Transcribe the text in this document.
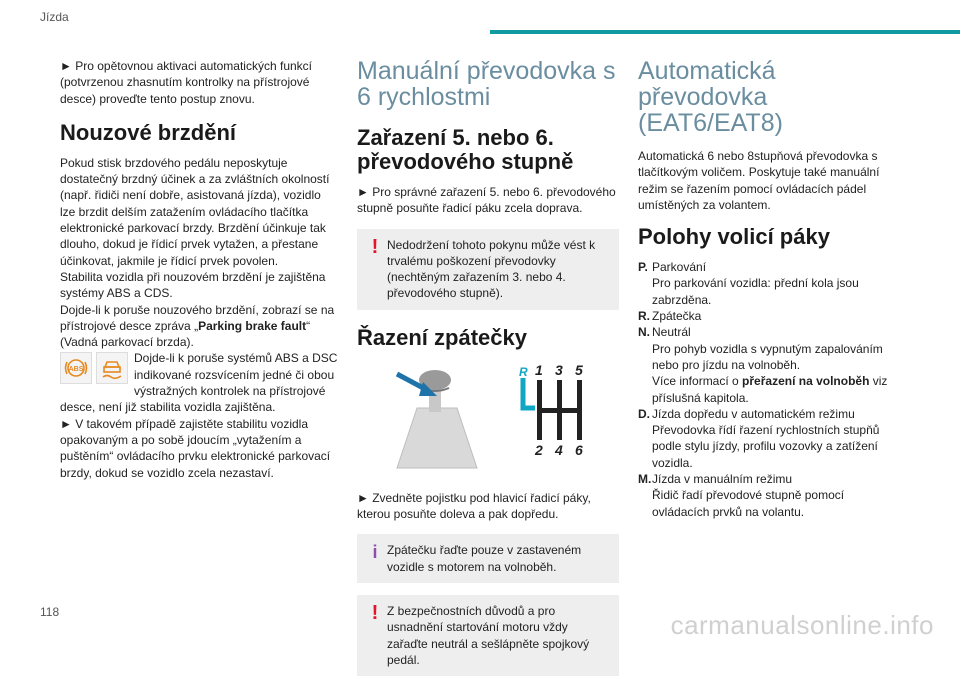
Jízda

► Pro opětovnou aktivaci automatických funkcí (potvrzenou zhasnutím kontrolky na přístrojové desce) proveďte tento postup znovu.

Nouzové brzdění

Pokud stisk brzdového pedálu neposkytuje dostatečný brzdný účinek a za zvláštních okolností (např. řidiči není dobře, asistovaná jízda), vozidlo lze brzdit delším zatažením ovládacího tlačítka elektronické parkovací brzdy. Brzdění účinkuje tak dlouho, dokud je řídicí prvek vytažen, a přestane účinkovat, jakmile je řídicí prvek povolen.

Stabilita vozidla při nouzovém brzdění je zajištěna systémy ABS a CDS.

Dojde-li k poruše nouzového brzdění, zobrazí se na přístrojové desce zpráva „Parking brake fault“ (Vadná parkovací brzda).

ABS

Dojde-li k poruše systémů ABS a DSC indikované rozsvícením jedné či obou výstražných kontrolek na přístrojové desce, není již stabilita vozidla zajištěna.

► V takovém případě zajistěte stabilitu vozidla opakovaným a po sobě jdoucím „vytažením a puštěním“ ovládacího prvku elektronické parkovací brzdy, dokud se vozidlo zcela nezastaví.

Manuální převodovka s 6 rychlostmi
Zařazení 5. nebo 6. převodového stupně

► Pro správné zařazení 5. nebo 6. převodového stupně posuňte řadicí páku zcela doprava.

! Nedodržení tohoto pokynu může vést k trvalému poškození převodovky (nechtěným zařazením 3. nebo 4. převodového stupně).

Řazení zpátečky
R 1 3 5
2 4 6

► Zvedněte pojistku pod hlavicí řadicí páky, kterou posuňte doleva a pak dopředu.

i Zpátečku řaďte pouze v zastaveném vozidle s motorem na volnoběh.

! Z bezpečnostních důvodů a pro usnadnění startování motoru vždy zařaďte neutrál a sešlápněte spojkový pedál.

Automatická převodovka
(EAT6/EAT8)

Automatická 6 nebo 8stupňová převodovka s tlačítkovým voličem. Poskytuje také manuální režim se řazením pomocí ovládacích pádel umístěných za volantem.

Polohy volicí páky
P. Parkování
Pro parkování vozidla: přední kola jsou zabrzděna.
R. Zpátečka
N. Neutrál
Pro pohyb vozidla s vypnutým zapalováním nebo pro jízdu na volnoběh.
Více informací o přeřazení na volnoběh viz příslušná kapitola.
D. Jízda dopředu v automatickém režimu
Převodovka řídí řazení rychlostních stupňů podle stylu jízdy, profilu vozovky a zatížení vozidla.
M. Jízda v manuálním režimu
Řidič řadí převodové stupně pomocí ovládacích prvků na volantu.
118	carmanualsonline.info
